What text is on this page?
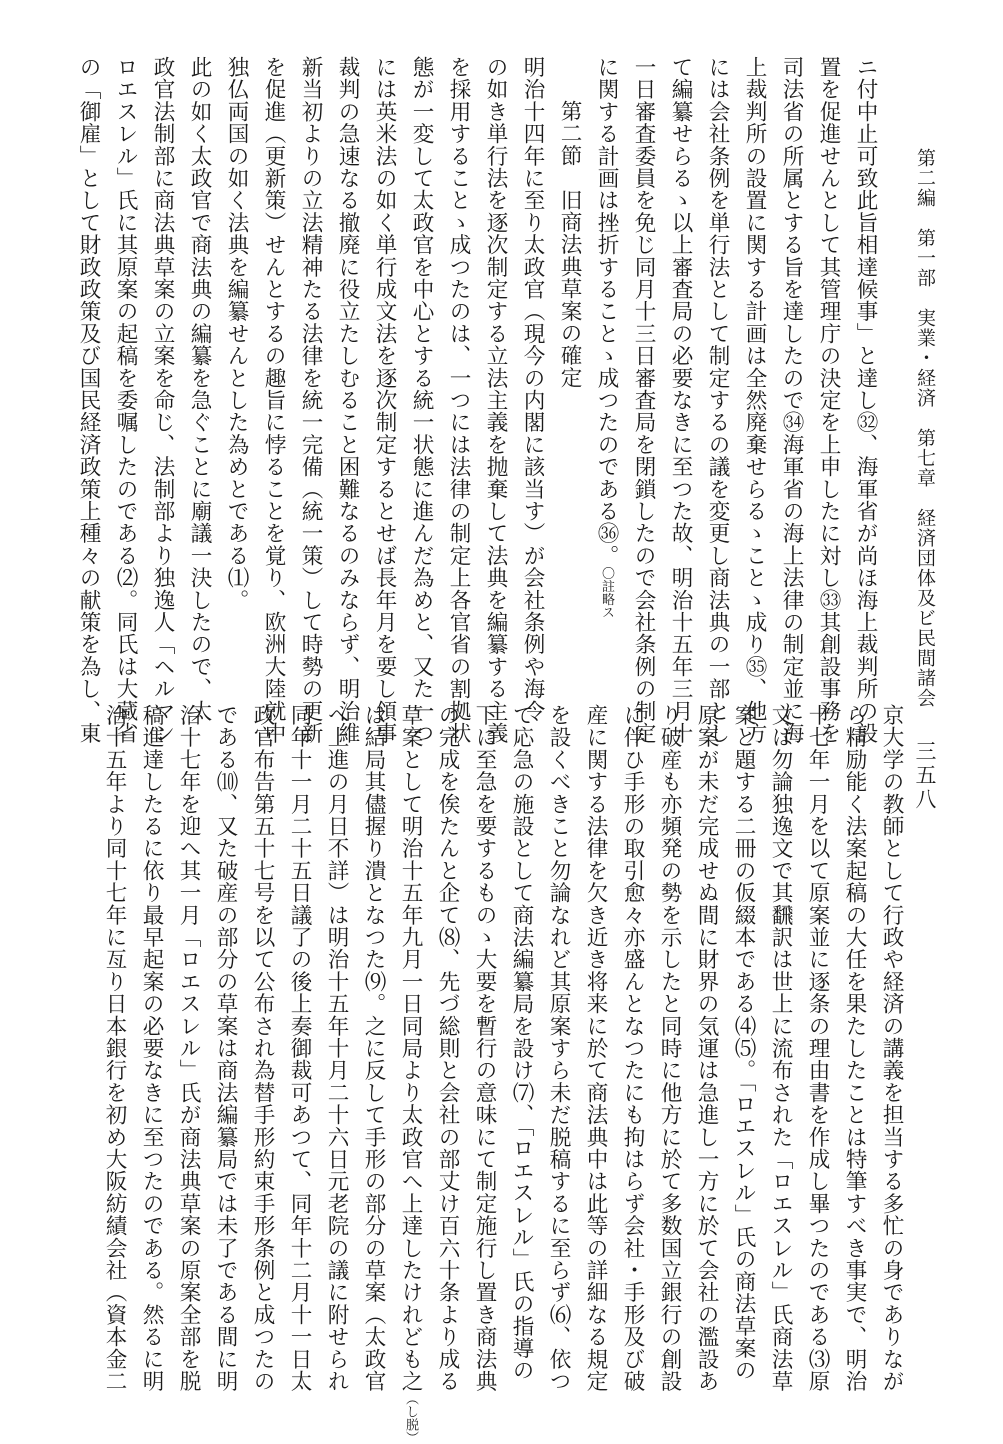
第二編　第一部　実業・経済　第七章　経済団体及ビ民間諸会
三五八
ニ付中止可致此旨相達候事」と達し㉜、海軍省が尚ほ海上裁判所の設
置を促進せんとして其管理庁の決定を上申したに対し㉝其創設事務を
司法省の所属とする旨を達したので㉞海軍省の海上法律の制定並に海
上裁判所の設置に関する計画は全然廃棄せらるゝことゝ成り㉟、他方
には会社条例を単行法として制定するの議を変更し商法典の一部とし
て編纂せらるゝ以上審査局の必要なきに至つた故、明治十五年三月十
一日審査委員を免じ同月十三日審査局を閉鎖したので会社条例の制定
に関する計画は挫折することゝ成つたのである㊱。〇註略ス
第二節　旧商法典草案の確定
明治十四年に至り太政官（現今の内閣に該当す）が会社条例や海令
の如き単行法を逐次制定する立法主義を抛棄して法典を編纂する主義
を採用することゝ成つたのは、一つには法律の制定上各官省の割拠状
態が一変して太政官を中心とする統一状態に進んだ為めと、又た一つ
には英米法の如く単行成文法を逐次制定するとせば長年月を要し領事
裁判の急速なる撤廃に役立たしむること困難なるのみならず、明治維
新当初よりの立法精神たる法律を統一完備（統一策）して時勢の更新
を促進（更新策）せんとするの趣旨に悖ることを覚り、欧洲大陸就中
独仏両国の如く法典を編纂せんとした為めとである⑴。
此の如く太政官で商法典の編纂を急ぐことに廟議一決したので、太
政官法制部に商法典草案の立案を命じ、法制部より独逸人「ヘルマン
ロエスレル」氏に其原案の起稿を委嘱したのである⑵。同氏は大蔵省
の「御雇」として財政政策及び国民経済政策上種々の献策を為し、東
京大学の教師として行政や経済の講義を担当する多忙の身でありなが
ら精励能く法案起稿の大任を果たしたことは特筆すべき事実で、明治
十七年一月を以て原案並に逐条の理由書を作成し畢つたのである⑶原
文は勿論独逸文で其飜訳は世上に流布された「ロエスレル」氏商法草
案と題する二冊の仮綴本である⑷⑸。「ロエスレル」氏の商法草案の
原案が未だ完成せぬ間に財界の気運は急進し一方に於て会社の濫設あ
り破産も亦頻発の勢を示したと同時に他方に於て多数国立銀行の創設
に伴ひ手形の取引愈々亦盛んとなつたにも拘はらず会社・手形及び破
産に関する法律を欠き近き将来に於て商法典中は此等の詳細なる規定
を設くべきこと勿論なれど其原案すら未だ脱稿するに至らず⑹、依つ
て応急の施設として商法編纂局を設け⑺、「ロエスレル」氏の指導の
下に至急を要するものゝ大要を暫行の意味にて制定施行し置き商法典
の完成を俟たんと企て⑻、先づ総則と会社の部丈け百六十条より成る
草案として明治十五年九月一日同局より太政官へ上達したけれども之（し脱）
は結局其儘握り潰となつた⑼。之に反して手形の部分の草案（太政官
へ上進の月日不詳）は明治十五年十月二十六日元老院の議に附せられ
同年十一月二十五日議了の後上奏御裁可あつて、同年十二月十一日太
政官布告第五十七号を以て公布され為替手形約束手形条例と成つたの
である⑽、又た破産の部分の草案は商法編纂局では未了である間に明
治十七年を迎へ其一月「ロエスレル」氏が商法典草案の原案全部を脱
稿進達したるに依り最早起案の必要なきに至つたのである。然るに明
治十五年より同十七年に亙り日本銀行を初め大阪紡績会社（資本金二
